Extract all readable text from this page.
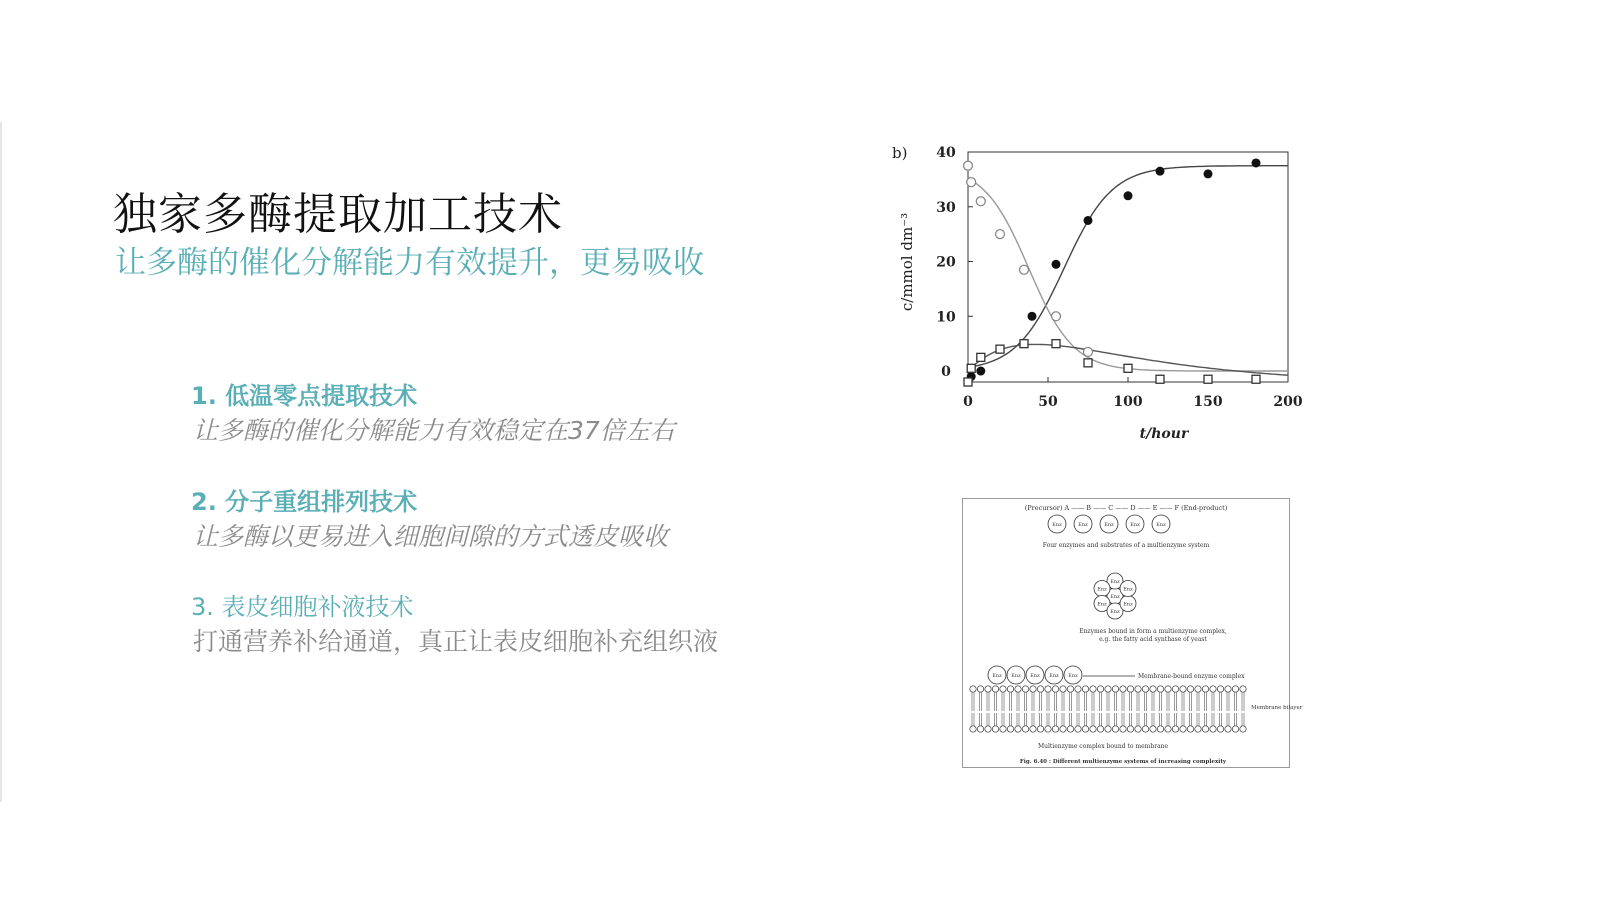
独家多酶提取加工技术
让多酶的催化分解能力有效提升，更易吸收
1. 低温零点提取技术
让多酶的催化分解能力有效稳定在37倍左右
2. 分子重组排列技术
让多酶以更易进入细胞间隙的方式透皮吸收
3. 表皮细胞补液技术
打通营养补给通道，真正让表皮细胞补充组织液
0	50	100	150	200
0
10
20
30
40
b)
t/hour
c/mmol dm⁻³
(Precursor) A —— B —— C —— D —— E —— F (End-product)
Enz	Enz	Enz	Enz	Enz
Four enzymes and substrates of a multienzyme system
Enz
Enz
Enz
Enz
Enz
Enz
Enz
Enzymes bound in form a multienzyme complex,
e.g. the fatty acid synthase of yeast
Enz Enz Enz Enz Enz	Membrane-bound enzyme complex
Membrane bilayer
Multienzyme complex bound to membrane
Fig. 6.40 : Different multienzyme systems of increasing complexity
